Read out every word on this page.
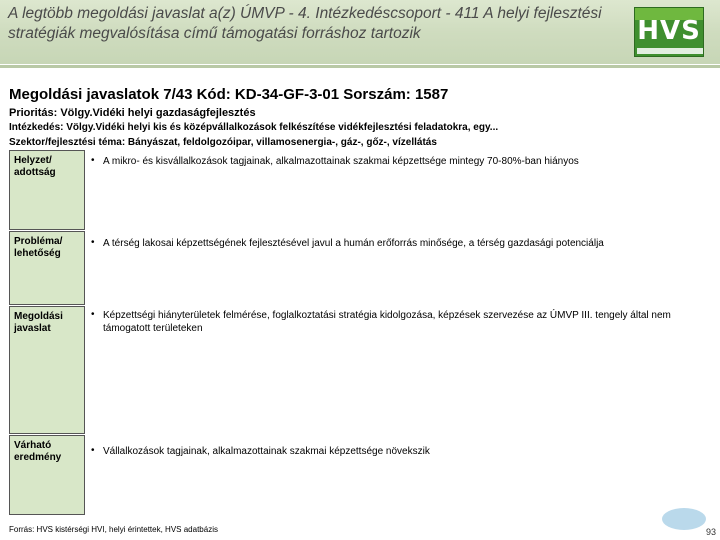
A legtöbb megoldási javaslat a(z) ÚMVP - 4. Intézkedéscsoport - 411 A helyi fejlesztési stratégiák megvalósítása című támogatási forráshoz tartozik	HVS
Megoldási javaslatok 7/43 Kód: KD-34-GF-3-01 Sorszám: 1587
Prioritás: Völgy.Vidéki helyi gazdaságfejlesztés
Intézkedés: Völgy.Vidéki helyi kis és középvállalkozások felkészítése vidékfejlesztési feladatokra, egy...
Szektor/fejlesztési téma: Bányászat, feldolgozóipar, villamosenergia-, gáz-, gőz-, vízellátás
Helyzet/ adottság
• A mikro- és kisvállalkozások tagjainak, alkalmazottainak szakmai képzettsége mintegy 70-80%-ban hiányos
Probléma/ lehetőség
• A térség lakosai képzettségének fejlesztésével javul a humán erőforrás minősége, a térség gazdasági potenciálja
Megoldási javaslat
• Képzettségi hiányterületek felmérése, foglalkoztatási stratégia kidolgozása, képzések szervezése az ÚMVP III. tengely által nem támogatott területeken
Várható eredmény
• Vállalkozások tagjainak, alkalmazottainak szakmai képzettsége növekszik
Forrás: HVS kistérségi HVI, helyi érintettek, HVS adatbázis	93
